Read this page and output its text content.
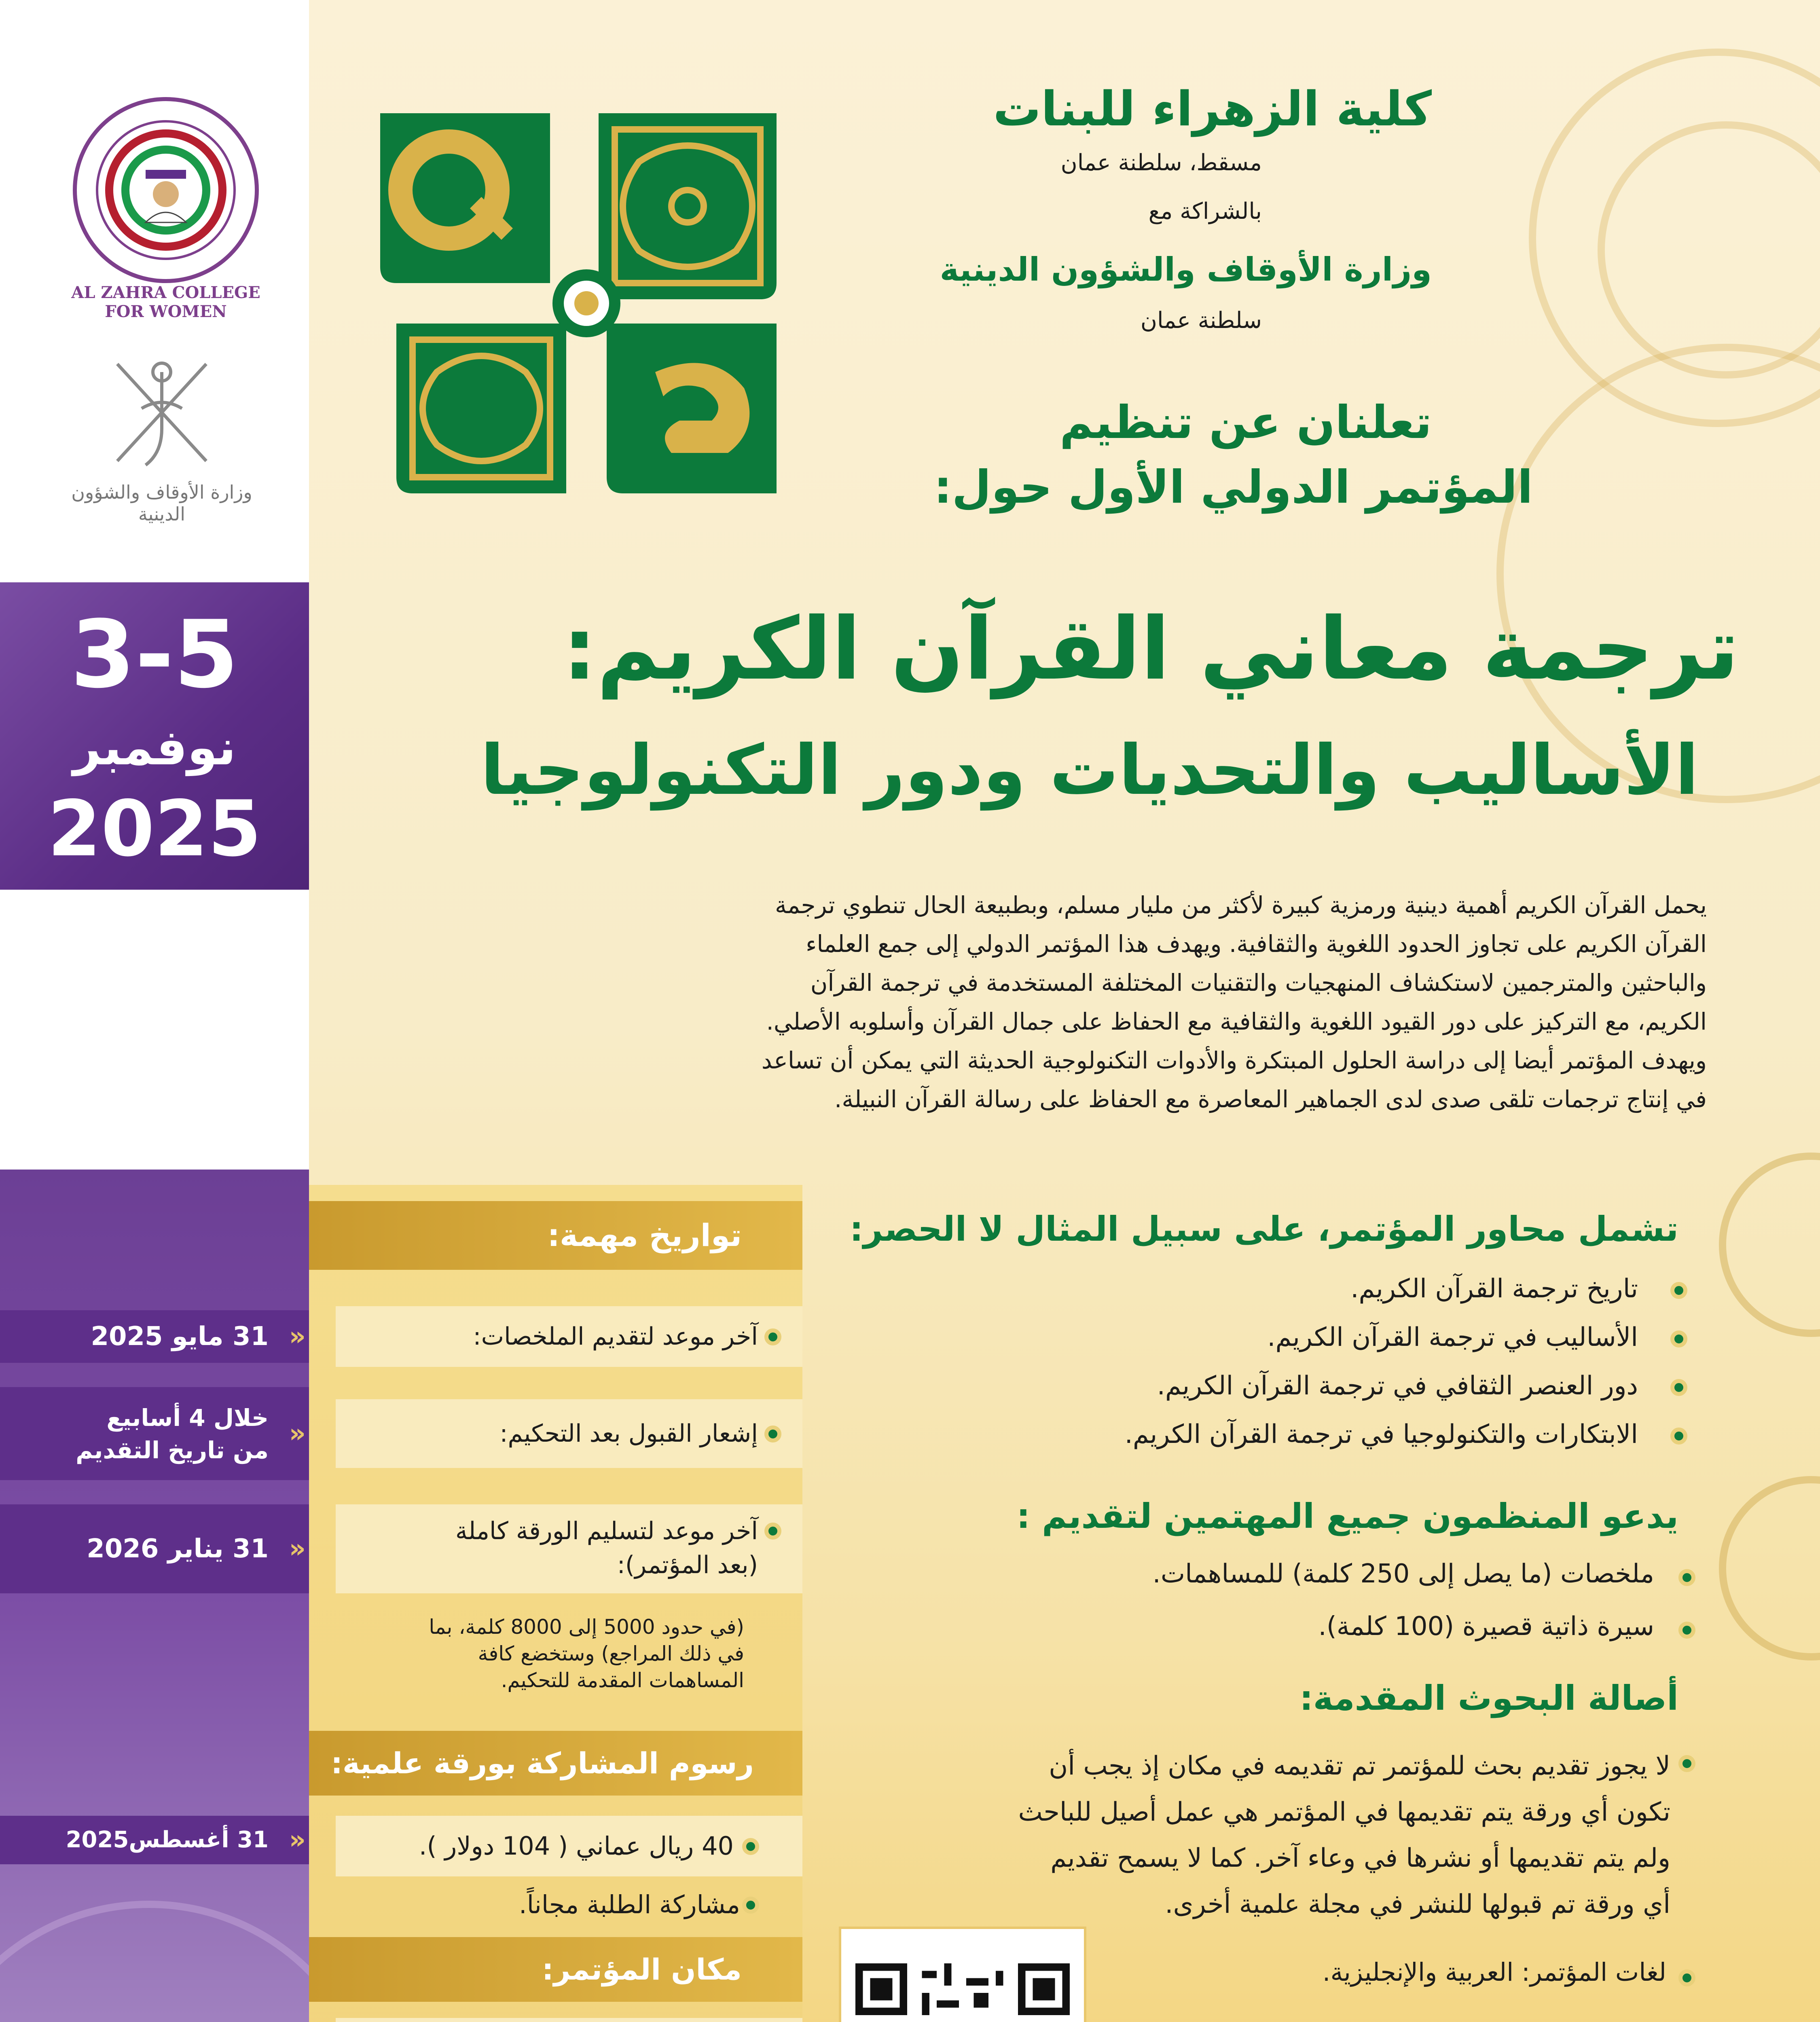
AL ZAHRA COLLEGE FOR WOMEN
وزارة الأوقاف والشؤون الدينية
كلية الزهراء للبنات
مسقط، سلطنة عمان
بالشراكة مع
وزارة الأوقاف والشؤون الدينية
سلطنة عمان
تعلنان عن تنظيم
المؤتمر الدولي الأول حول:
3-5
نوفمبر
2025
ترجمة معاني القرآن الكريم:
الأساليب والتحديات ودور التكنولوجيا
يحمل القرآن الكريم أهمية دينية ورمزية كبيرة لأكثر من مليار مسلم، وبطبيعة الحال تنطوي ترجمة
القرآن الكريم على تجاوز الحدود اللغوية والثقافية. ويهدف هذا المؤتمر الدولي إلى جمع العلماء
والباحثين والمترجمين لاستكشاف المنهجيات والتقنيات المختلفة المستخدمة في ترجمة القرآن
الكريم، مع التركيز على دور القيود اللغوية والثقافية مع الحفاظ على جمال القرآن وأسلوبه الأصلي.
ويهدف المؤتمر أيضا إلى دراسة الحلول المبتكرة والأدوات التكنولوجية الحديثة التي يمكن أن تساعد
في إنتاج ترجمات تلقى صدى لدى الجماهير المعاصرة مع الحفاظ على رسالة القرآن النبيلة.
تواريخ مهمة:
آخر موعد لتقديم الملخصات:
31 مايو 2025 «
إشعار القبول بعد التحكيم:
خلال 4 أسابيع
من تاريخ التقديم
«
آخر موعد لتسليم الورقة كاملة
(بعد المؤتمر):
31 يناير 2026 «
(في حدود 5000 إلى 8000 كلمة، بما
في ذلك المراجع) وستخضع كافة
المساهمات المقدمة للتحكيم.
رسوم المشاركة بورقة علمية:
40 ريال عماني ( 104 دولار ).
31 أغسطس2025 «
مشاركة الطلبة مجاناً.
مكان المؤتمر:
تشمل محاور المؤتمر، على سبيل المثال لا الحصر:
تاريخ ترجمة القرآن الكريم.
الأساليب في ترجمة القرآن الكريم.
دور العنصر الثقافي في ترجمة القرآن الكريم.
الابتكارات والتكنولوجيا في ترجمة القرآن الكريم.
يدعو المنظمون جميع المهتمين لتقديم :
ملخصات (ما يصل إلى 250 كلمة) للمساهمات.
سيرة ذاتية قصيرة (100 كلمة).
أصالة البحوث المقدمة:
لا يجوز تقديم بحث للمؤتمر تم تقديمه في مكان إذ يجب أن
تكون أي ورقة يتم تقديمها في المؤتمر هي عمل أصيل للباحث
ولم يتم تقديمها أو نشرها في وعاء آخر. كما لا يسمح تقديم
أي ورقة تم قبولها للنشر في مجلة علمية أخرى.
لغات المؤتمر: العربية والإنجليزية.
